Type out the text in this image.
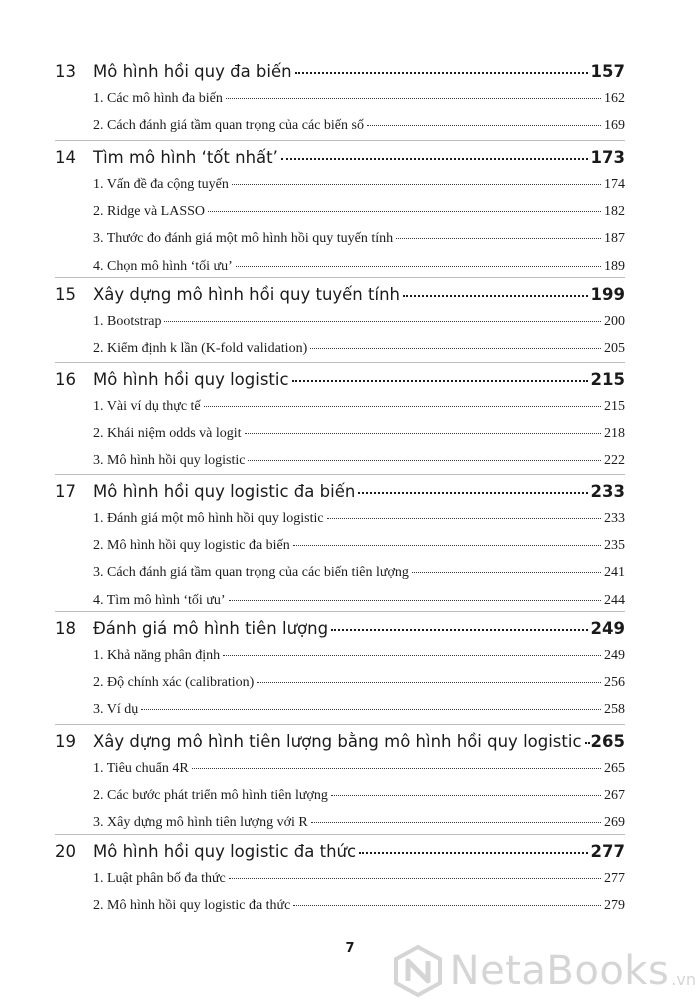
13	Mô hình hồi quy đa biến	157
1. Các mô hình đa biến	162
2. Cách đánh giá tầm quan trọng của các biến số	169
14	Tìm mô hình ‘tốt nhất’	173
1. Vấn đề đa cộng tuyến	174
2. Ridge và LASSO	182
3. Thước đo đánh giá một mô hình hồi quy tuyến tính	187
4. Chọn mô hình ‘tối ưu’	189
15	Xây dựng mô hình hồi quy tuyến tính	199
1. Bootstrap	200
2. Kiểm định k lần (K-fold validation)	205
16	Mô hình hồi quy logistic	215
1. Vài ví dụ thực tế	215
2. Khái niệm odds và logit	218
3. Mô hình hồi quy logistic	222
17	Mô hình hồi quy logistic đa biến	233
1. Đánh giá một mô hình hồi quy logistic	233
2. Mô hình hồi quy logistic đa biến	235
3. Cách đánh giá tầm quan trọng của các biến tiên lượng	241
4. Tìm mô hình ‘tối ưu’	244
18	Đánh giá mô hình tiên lượng	249
1. Khả năng phân định	249
2. Độ chính xác (calibration)	256
3. Ví dụ	258
19	Xây dựng mô hình tiên lượng bằng mô hình hồi quy logistic 265
1. Tiêu chuẩn 4R	265
2. Các bước phát triển mô hình tiên lượng	267
3. Xây dựng mô hình tiên lượng với R	269
20	Mô hình hồi quy logistic đa thức	277
1. Luật phân bố đa thức	277
2. Mô hình hồi quy logistic đa thức	279
7	NetaBooks .vn
